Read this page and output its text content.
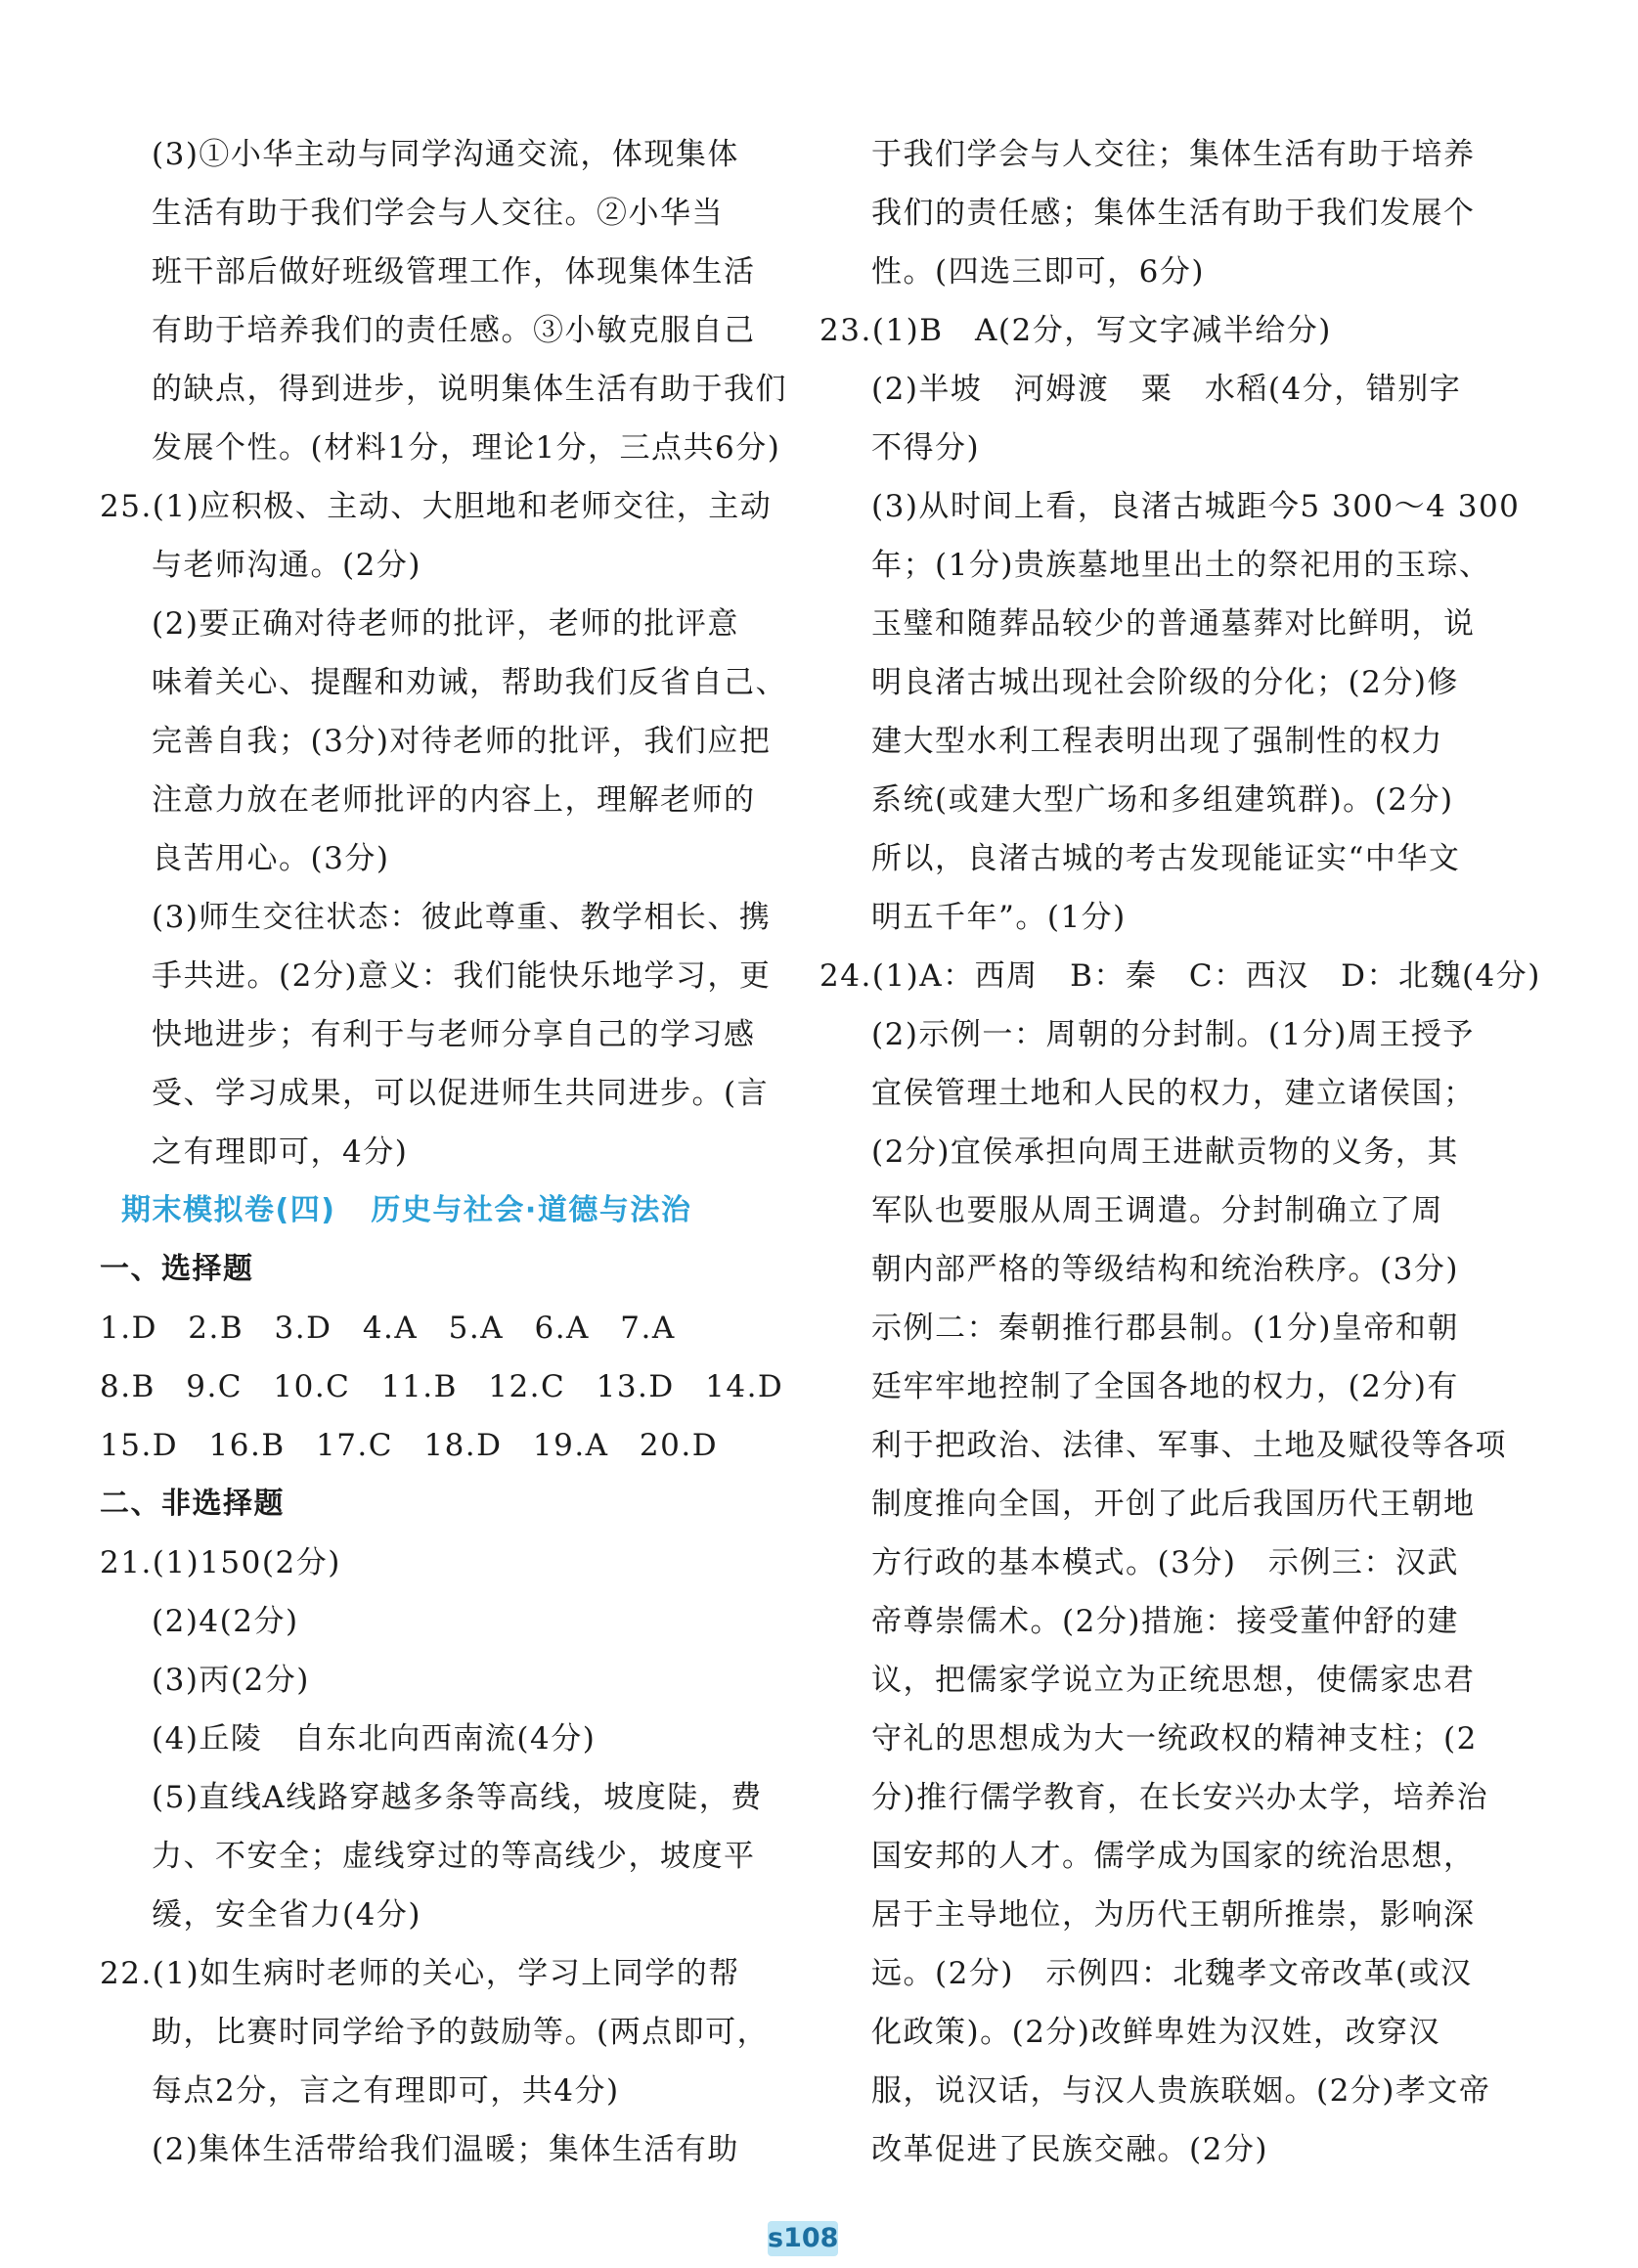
(3)①小华主动与同学沟通交流，体现集体
生活有助于我们学会与人交往。②小华当
班干部后做好班级管理工作，体现集体生活
有助于培养我们的责任感。③小敏克服自己
的缺点，得到进步，说明集体生活有助于我们
发展个性。(材料1分，理论1分，三点共6分)
25.(1)应积极、主动、大胆地和老师交往，主动
与老师沟通。(2分)
(2)要正确对待老师的批评，老师的批评意
味着关心、提醒和劝诫，帮助我们反省自己、
完善自我；(3分)对待老师的批评，我们应把
注意力放在老师批评的内容上，理解老师的
良苦用心。(3分)
(3)师生交往状态：彼此尊重、教学相长、携
手共进。(2分)意义：我们能快乐地学习，更
快地进步；有利于与老师分享自己的学习感
受、学习成果，可以促进师生共同进步。(言
之有理即可，4分)
期末模拟卷(四) 历史与社会·道德与法治
一、选择题
1.D 2.B 3.D 4.A 5.A 6.A 7.A
8.B 9.C 10.C 11.B 12.C 13.D 14.D
15.D 16.B 17.C 18.D 19.A 20.D
二、非选择题
21.(1)150(2分)
(2)4(2分)
(3)丙(2分)
(4)丘陵　自东北向西南流(4分)
(5)直线A线路穿越多条等高线，坡度陡，费
力、不安全；虚线穿过的等高线少，坡度平
缓，安全省力(4分)
22.(1)如生病时老师的关心，学习上同学的帮
助，比赛时同学给予的鼓励等。(两点即可，
每点2分，言之有理即可，共4分)
(2)集体生活带给我们温暖；集体生活有助
于我们学会与人交往；集体生活有助于培养
我们的责任感；集体生活有助于我们发展个
性。(四选三即可，6分)
23.(1)B　A(2分，写文字减半给分)
(2)半坡　河姆渡　粟　水稻(4分，错别字
不得分)
(3)从时间上看，良渚古城距今5 300～4 300
年；(1分)贵族墓地里出土的祭祀用的玉琮、
玉璧和随葬品较少的普通墓葬对比鲜明，说
明良渚古城出现社会阶级的分化；(2分)修
建大型水利工程表明出现了强制性的权力
系统(或建大型广场和多组建筑群)。(2分)
所以，良渚古城的考古发现能证实“中华文
明五千年”。(1分)
24.(1)A：西周　B：秦　C：西汉　D：北魏(4分)
(2)示例一：周朝的分封制。(1分)周王授予
宜侯管理土地和人民的权力，建立诸侯国；
(2分)宜侯承担向周王进献贡物的义务，其
军队也要服从周王调遣。分封制确立了周
朝内部严格的等级结构和统治秩序。(3分)
示例二：秦朝推行郡县制。(1分)皇帝和朝
廷牢牢地控制了全国各地的权力，(2分)有
利于把政治、法律、军事、土地及赋役等各项
制度推向全国，开创了此后我国历代王朝地
方行政的基本模式。(3分)　示例三：汉武
帝尊崇儒术。(2分)措施：接受董仲舒的建
议，把儒家学说立为正统思想，使儒家忠君
守礼的思想成为大一统政权的精神支柱；(2
分)推行儒学教育，在长安兴办太学，培养治
国安邦的人才。儒学成为国家的统治思想，
居于主导地位，为历代王朝所推崇，影响深
远。(2分)　示例四：北魏孝文帝改革(或汉
化政策)。(2分)改鲜卑姓为汉姓，改穿汉
服，说汉话，与汉人贵族联姻。(2分)孝文帝
改革促进了民族交融。(2分)
s108
